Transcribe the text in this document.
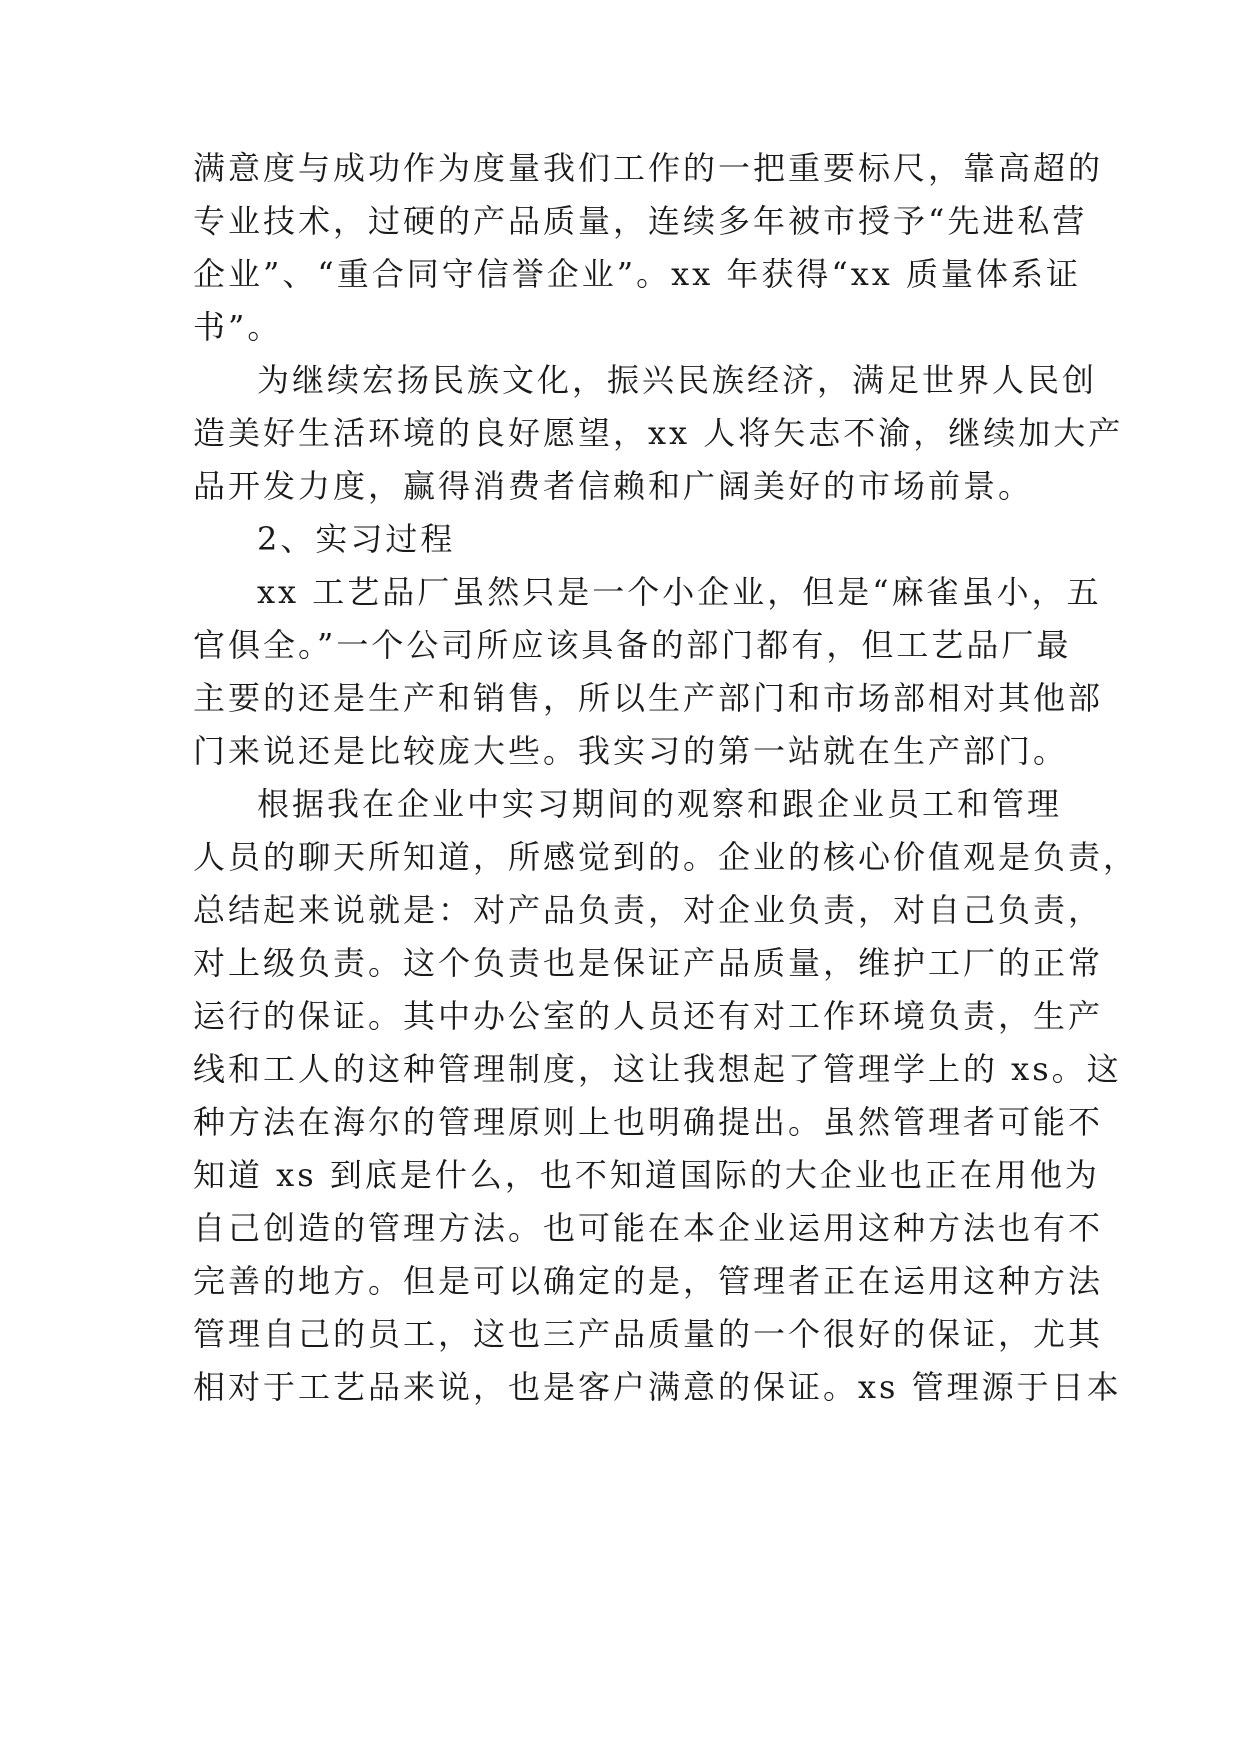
满意度与成功作为度量我们工作的一把重要标尺，靠高超的
专业技术，过硬的产品质量，连续多年被市授予“先进私营
企业”、“重合同守信誉企业”。xx 年获得“xx 质量体系证
书”。
为继续宏扬民族文化，振兴民族经济，满足世界人民创
造美好生活环境的良好愿望，xx 人将矢志不渝，继续加大产
品开发力度，赢得消费者信赖和广阔美好的市场前景。
2、实习过程
xx 工艺品厂虽然只是一个小企业，但是“麻雀虽小，五
官俱全。”一个公司所应该具备的部门都有，但工艺品厂最
主要的还是生产和销售，所以生产部门和市场部相对其他部
门来说还是比较庞大些。我实习的第一站就在生产部门。
根据我在企业中实习期间的观察和跟企业员工和管理
人员的聊天所知道，所感觉到的。企业的核心价值观是负责，
总结起来说就是：对产品负责，对企业负责，对自己负责，
对上级负责。这个负责也是保证产品质量，维护工厂的正常
运行的保证。其中办公室的人员还有对工作环境负责，生产
线和工人的这种管理制度，这让我想起了管理学上的 xs。这
种方法在海尔的管理原则上也明确提出。虽然管理者可能不
知道 xs 到底是什么，也不知道国际的大企业也正在用他为
自己创造的管理方法。也可能在本企业运用这种方法也有不
完善的地方。但是可以确定的是，管理者正在运用这种方法
管理自己的员工，这也三产品质量的一个很好的保证，尤其
相对于工艺品来说，也是客户满意的保证。xs 管理源于日本
